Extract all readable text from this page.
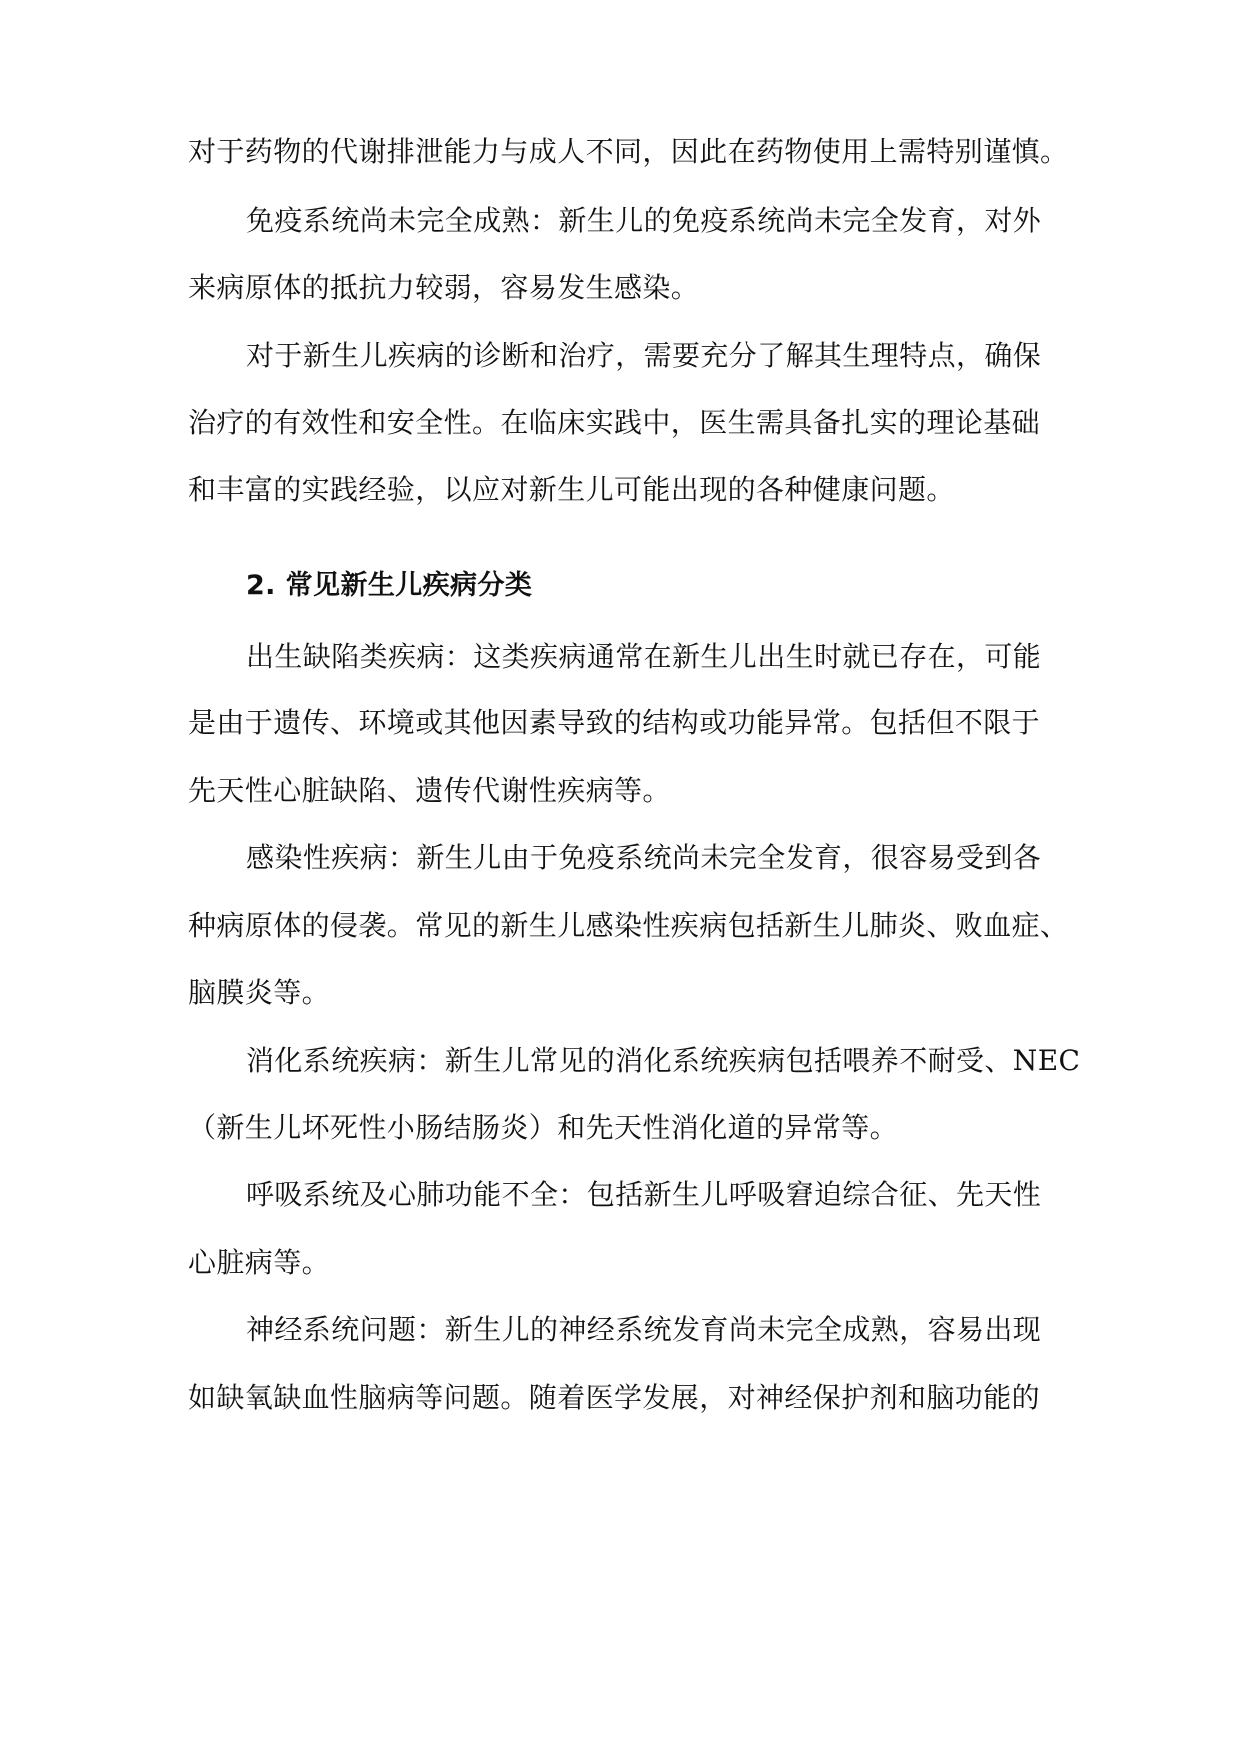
对于药物的代谢排泄能力与成人不同，因此在药物使用上需特别谨慎。
免疫系统尚未完全成熟：新生儿的免疫系统尚未完全发育，对外
来病原体的抵抗力较弱，容易发生感染。
对于新生儿疾病的诊断和治疗，需要充分了解其生理特点，确保
治疗的有效性和安全性。在临床实践中，医生需具备扎实的理论基础
和丰富的实践经验，以应对新生儿可能出现的各种健康问题。
2. 常见新生儿疾病分类
出生缺陷类疾病：这类疾病通常在新生儿出生时就已存在，可能
是由于遗传、环境或其他因素导致的结构或功能异常。包括但不限于
先天性心脏缺陷、遗传代谢性疾病等。
感染性疾病：新生儿由于免疫系统尚未完全发育，很容易受到各
种病原体的侵袭。常见的新生儿感染性疾病包括新生儿肺炎、败血症、
脑膜炎等。
消化系统疾病：新生儿常见的消化系统疾病包括喂养不耐受、NEC
（新生儿坏死性小肠结肠炎）和先天性消化道的异常等。
呼吸系统及心肺功能不全：包括新生儿呼吸窘迫综合征、先天性
心脏病等。
神经系统问题：新生儿的神经系统发育尚未完全成熟，容易出现
如缺氧缺血性脑病等问题。随着医学发展，对神经保护剂和脑功能的
